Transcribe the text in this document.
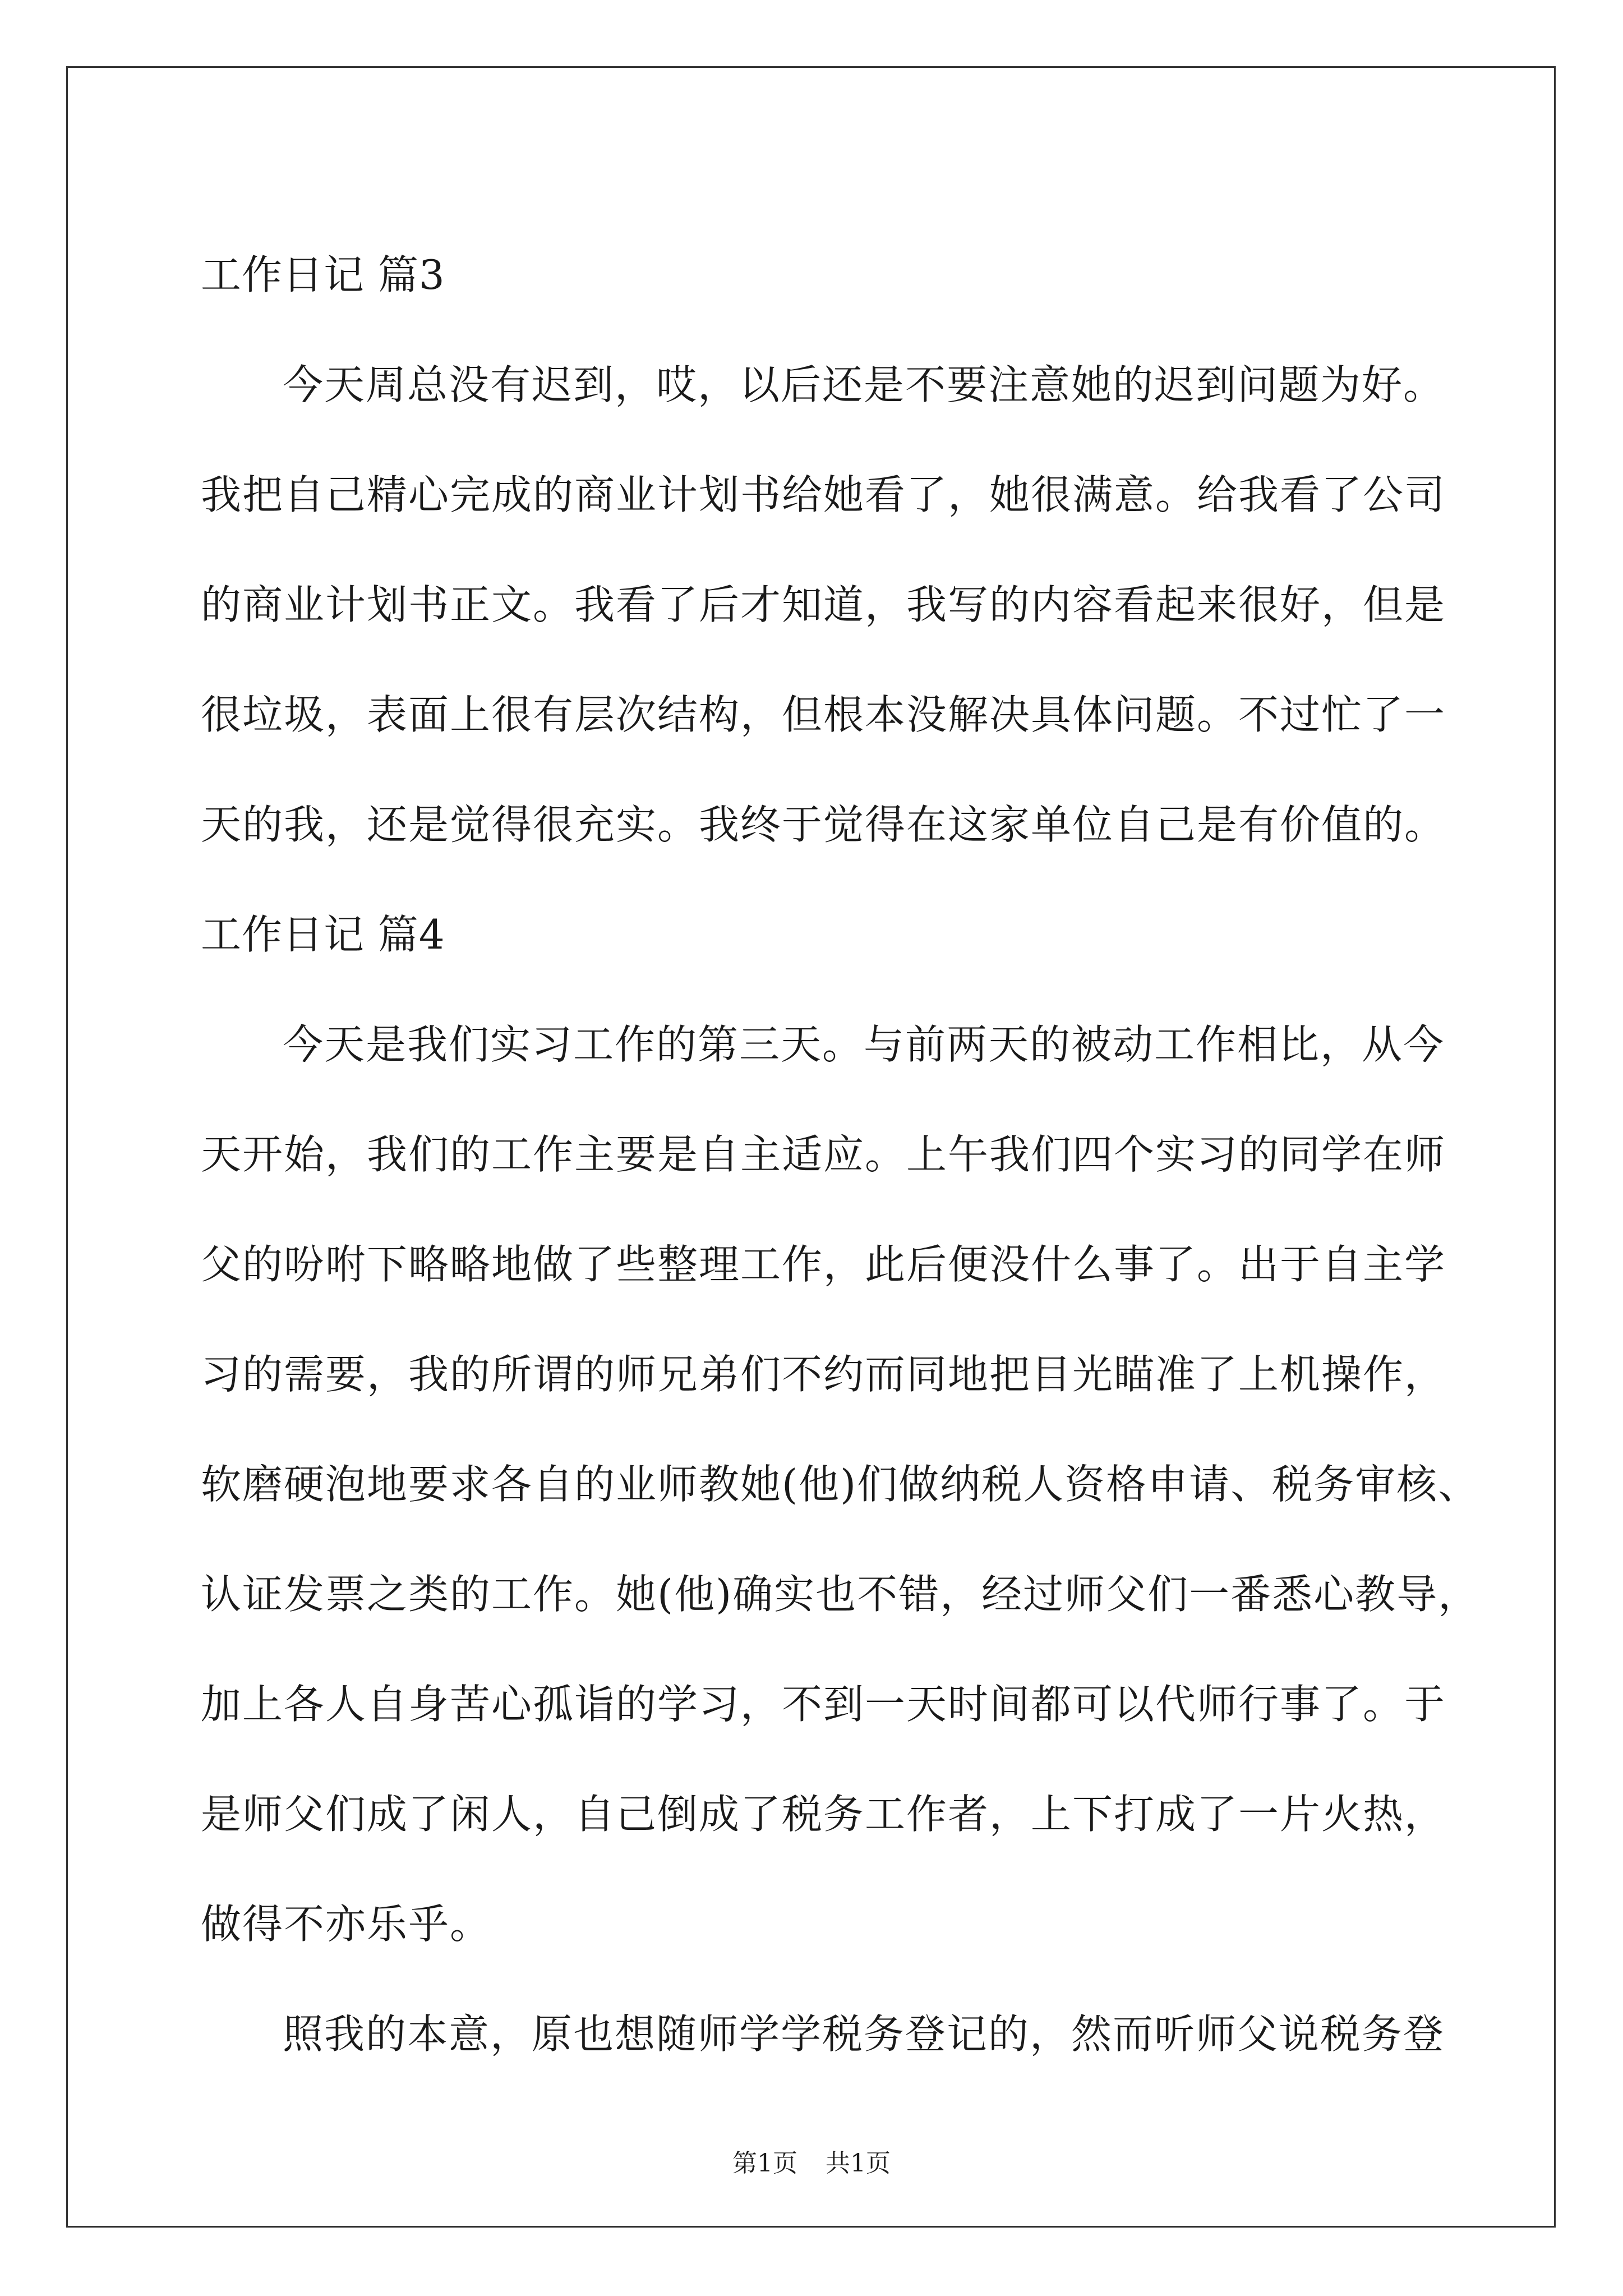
工作日记 篇3
今天周总没有迟到，哎，以后还是不要注意她的迟到问题为好。
我把自己精心完成的商业计划书给她看了，她很满意。给我看了公司
的商业计划书正文。我看了后才知道，我写的内容看起来很好，但是
很垃圾，表面上很有层次结构，但根本没解决具体问题。不过忙了一
天的我，还是觉得很充实。我终于觉得在这家单位自己是有价值的。
工作日记 篇4
今天是我们实习工作的第三天。与前两天的被动工作相比，从今
天开始，我们的工作主要是自主适应。上午我们四个实习的同学在师
父的吩咐下略略地做了些整理工作，此后便没什么事了。出于自主学
习的需要，我的所谓的师兄弟们不约而同地把目光瞄准了上机操作，
软磨硬泡地要求各自的业师教她(他)们做纳税人资格申请、税务审核、
认证发票之类的工作。她(他)确实也不错，经过师父们一番悉心教导，
加上各人自身苦心孤诣的学习，不到一天时间都可以代师行事了。于
是师父们成了闲人，自己倒成了税务工作者，上下打成了一片火热，
做得不亦乐乎。
照我的本意，原也想随师学学税务登记的，然而听师父说税务登
第1页 共1页
